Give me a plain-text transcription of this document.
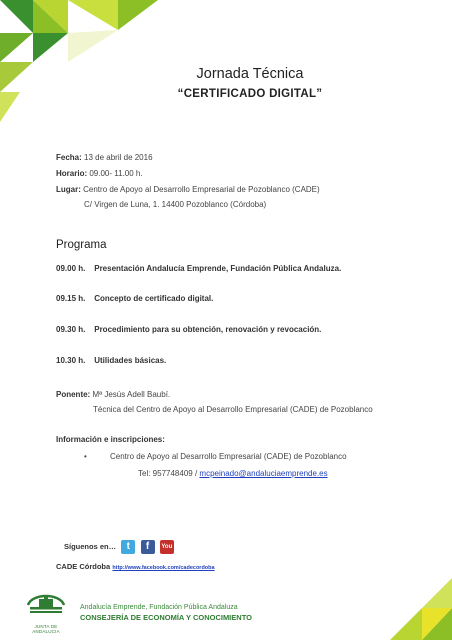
Jornada Técnica
“CERTIFICADO DIGITAL”
Fecha: 13 de abril de 2016
Horario: 09.00- 11.00 h.
Lugar: Centro de Apoyo al Desarrollo Empresarial de Pozoblanco (CADE)
C/ Virgen de Luna, 1. 14400 Pozoblanco (Córdoba)
Programa
09.00 h. Presentación Andalucía Emprende, Fundación Pública Andaluza.
09.15 h. Concepto de certificado digital.
09.30 h. Procedimiento para su obtención, renovación y revocación.
10.30 h. Utilidades básicas.
Ponente: Mª Jesús Adell Baubí.
Técnica del Centro de Apoyo al Desarrollo Empresarial (CADE) de Pozoblanco
Información e inscripciones:
•	Centro de Apoyo al Desarrollo Empresarial (CADE) de Pozoblanco
Tel: 957748409 / mcpeinado@andaluciaemprende.es
Síguenos en… t f You
CADE Córdoba http://www.facebook.com/cadecordoba
JUNTA DE ANDALUCIA
Andalucía Emprende, Fundación Pública Andaluza
CONSEJERÍA DE ECONOMÍA Y CONOCIMIENTO
